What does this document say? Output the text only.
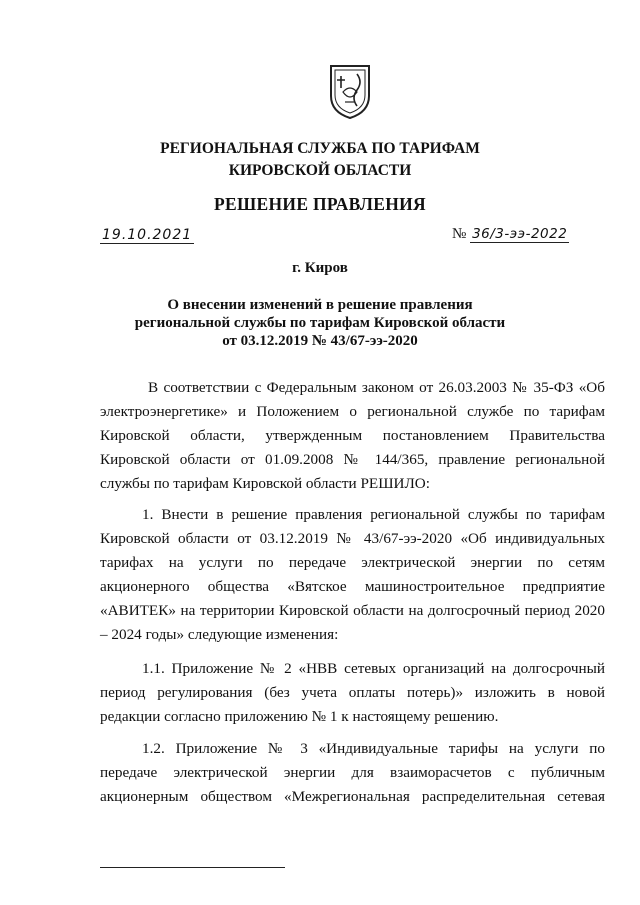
РЕГИОНАЛЬНАЯ СЛУЖБА ПО ТАРИФАМ
КИРОВСКОЙ ОБЛАСТИ
РЕШЕНИЕ ПРАВЛЕНИЯ
19.10.2021	№ 36/3-ээ-2022
г. Киров
О внесении изменений в решение правления
региональной службы по тарифам Кировской области
от 03.12.2019 № 43/67-ээ-2020
В соответствии с Федеральным законом от 26.03.2003 № 35-ФЗ «Об
электроэнергетике» и Положением о региональной службе по тарифам
Кировской области, утвержденным постановлением Правительства
Кировской области от 01.09.2008 № 144/365, правление региональной
службы по тарифам Кировской области РЕШИЛО:
1. Внести в решение правления региональной службы по тарифам
Кировской области от 03.12.2019 № 43/67-ээ-2020 «Об индивидуальных
тарифах на услуги по передаче электрической энергии по сетям
акционерного общества «Вятское машиностроительное предприятие
«АВИТЕК» на территории Кировской области на долгосрочный период 2020
– 2024 годы» следующие изменения:
1.1. Приложение № 2 «НВВ сетевых организаций на долгосрочный
период регулирования (без учета оплаты потерь)» изложить в новой
редакции согласно приложению № 1 к настоящему решению.
1.2. Приложение № 3 «Индивидуальные тарифы на услуги по
передаче электрической энергии для взаиморасчетов с публичным
акционерным обществом «Межрегиональная распределительная сетевая
